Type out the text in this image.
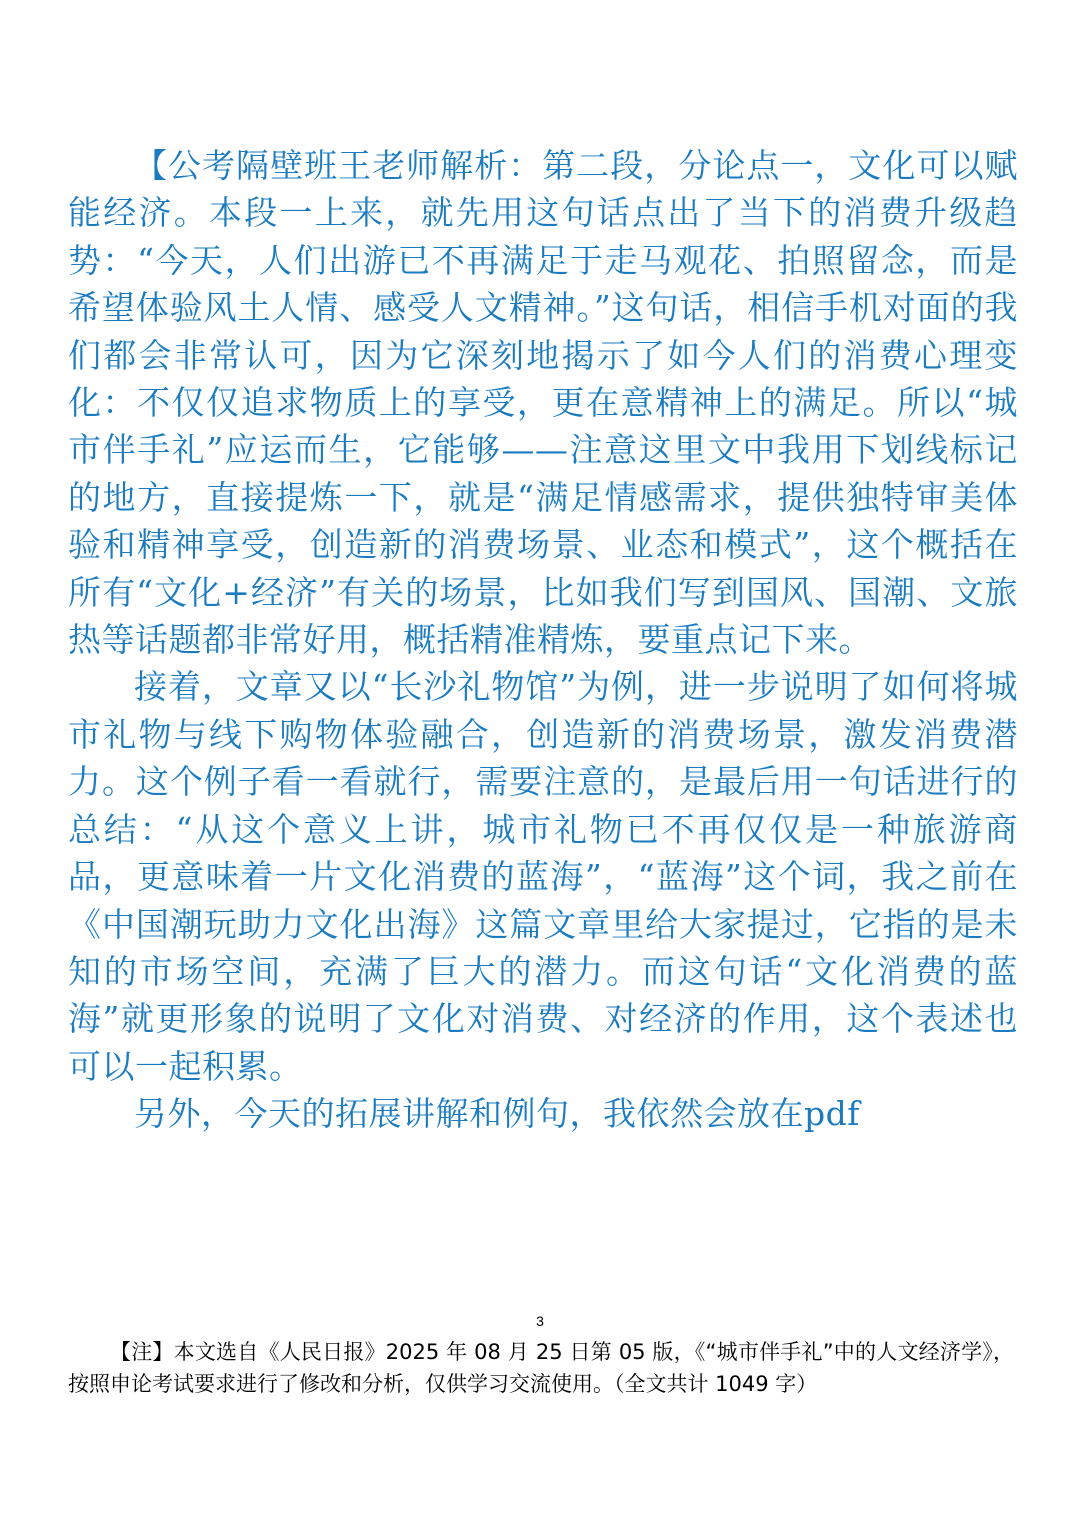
【公考隔壁班王老师解析：第二段，分论点一，文化可以赋能经济。本段一上来，就先用这句话点出了当下的消费升级趋势：“今天，人们出游已不再满足于走马观花、拍照留念，而是希望体验风土人情、感受人文精神。”这句话，相信手机对面的我们都会非常认可，因为它深刻地揭示了如今人们的消费心理变化：不仅仅追求物质上的享受，更在意精神上的满足。所以“城市伴手礼”应运而生，它能够——注意这里文中我用下划线标记的地方，直接提炼一下，就是“满足情感需求，提供独特审美体验和精神享受，创造新的消费场景、业态和模式”，这个概括在所有“文化+经济”有关的场景，比如我们写到国风、国潮、文旅热等话题都非常好用，概括精准精炼，要重点记下来。

接着，文章又以“长沙礼物馆”为例，进一步说明了如何将城市礼物与线下购物体验融合，创造新的消费场景，激发消费潜力。这个例子看一看就行，需要注意的，是最后用一句话进行的总结：“从这个意义上讲，城市礼物已不再仅仅是一种旅游商品，更意味着一片文化消费的蓝海”，“蓝海”这个词，我之前在《中国潮玩助力文化出海》这篇文章里给大家提过，它指的是未知的市场空间，充满了巨大的潜力。而这句话“文化消费的蓝海”就更形象的说明了文化对消费、对经济的作用，这个表述也可以一起积累。

另外，今天的拓展讲解和例句，我依然会放在pdf

3
【注】本文选自《人民日报》2025 年 08 月 25 日第 05 版，《“城市伴手礼”中的人文经济学》，按照申论考试要求进行了修改和分析，仅供学习交流使用。（全文共计 1049 字）
